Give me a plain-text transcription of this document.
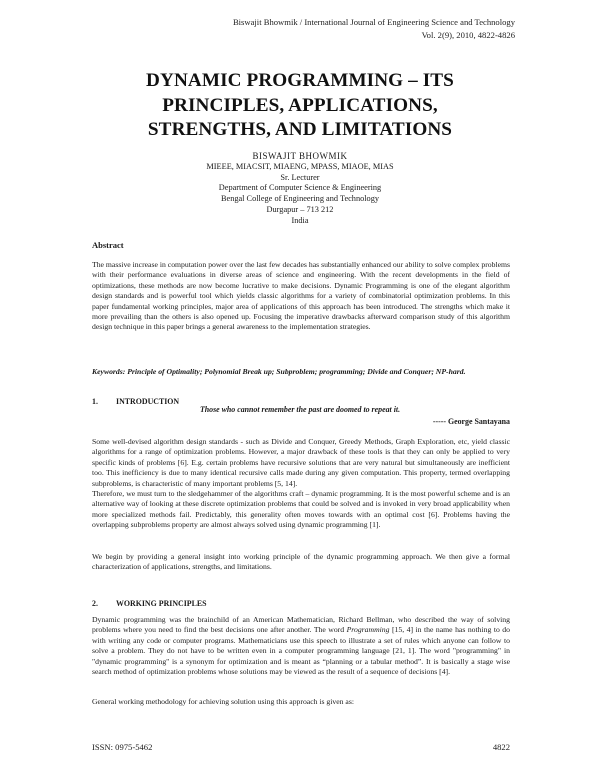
Biswajit Bhowmik / International Journal of Engineering Science and Technology
Vol. 2(9), 2010, 4822-4826
DYNAMIC PROGRAMMING – ITS
PRINCIPLES, APPLICATIONS,
STRENGTHS, AND LIMITATIONS
BISWAJIT BHOWMIK
MIEEE, MIACSIT, MIAENG, MPASS, MIAOE, MIAS
Sr. Lecturer
Department of Computer Science & Engineering
Bengal College of Engineering and Technology
Durgapur – 713 212
India
Abstract
The massive increase in computation power over the last few decades has substantially enhanced our ability to solve complex problems with their performance evaluations in diverse areas of science and engineering. With the recent developments in the field of optimizations, these methods are now become lucrative to make decisions. Dynamic Programming is one of the elegant algorithm design standards and is powerful tool which yields classic algorithms for a variety of combinatorial optimization problems. In this paper fundamental working principles, major area of applications of this approach has been introduced. The strengths which make it more prevailing than the others is also opened up. Focusing the imperative drawbacks afterward comparison study of this algorithm design technique in this paper brings a general awareness to the implementation strategies.
Keywords: Principle of Optimality; Polynomial Break up; Subproblem; programming; Divide and Conquer; NP-hard.
1. INTRODUCTION
Those who cannot remember the past are doomed to repeat it.
----- George Santayana
Some well-devised algorithm design standards - such as Divide and Conquer, Greedy Methods, Graph Exploration, etc, yield classic algorithms for a range of optimization problems. However, a major drawback of these tools is that they can only be applied to very specific kinds of problems [6]. E.g. certain problems have recursive solutions that are very natural but simultaneously are inefficient too. This inefficiency is due to many identical recursive calls made during any given computation. This property, termed overlapping subproblems, is characteristic of many important problems [5, 14].
Therefore, we must turn to the sledgehammer of the algorithms craft – dynamic programming. It is the most powerful scheme and is an alternative way of looking at these discrete optimization problems that could be solved and is invoked in very broad applicability when more specialized methods fail. Predictably, this generality often moves towards with an optimal cost [6]. Problems having the overlapping subproblems property are almost always solved using dynamic programming [1].
We begin by providing a general insight into working principle of the dynamic programming approach. We then give a formal characterization of applications, strengths, and limitations.
2. WORKING PRINCIPLES
Dynamic programming was the brainchild of an American Mathematician, Richard Bellman, who described the way of solving problems where you need to find the best decisions one after another. The word Programming [15, 4] in the name has nothing to do with writing any code or computer programs. Mathematicians use this speech to illustrate a set of rules which anyone can follow to solve a problem. They do not have to be written even in a computer programming language [21, 1]. The word "programming" in "dynamic programming" is a synonym for optimization and is meant as “planning or a tabular method”. It is basically a stage wise search method of optimization problems whose solutions may be viewed as the result of a sequence of decisions [4].
General working methodology for achieving solution using this approach is given as:
ISSN: 0975-5462	4822
